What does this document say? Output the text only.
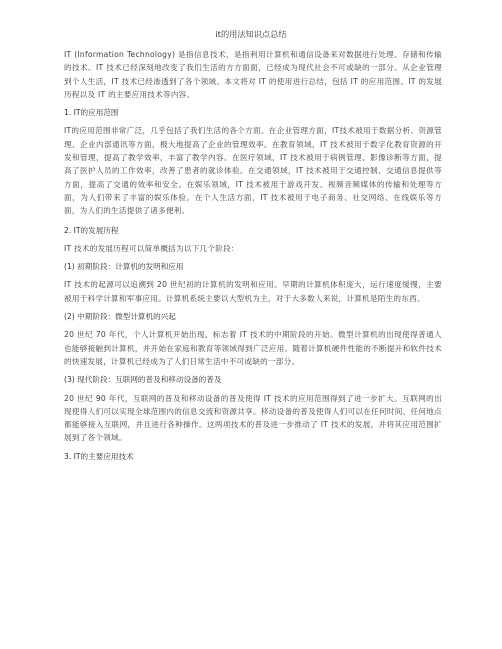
it的用法知识点总结

IT (Information Technology) 是指信息技术，是指利用计算机和通信设备来对数据进行处理、存储和传输的技术。IT 技术已经深刻地改变了我们生活的方方面面，已经成为现代社会不可或缺的一部分。从企业管理到个人生活，IT 技术已经渗透到了各个领域。本文将对 IT 的使用进行总结，包括 IT 的应用范围、IT 的发展历程以及 IT 的主要应用技术等内容。

1. IT的应用范围

IT的应用范围非常广泛，几乎包括了我们生活的各个方面。在企业管理方面，IT技术被用于数据分析、资源管理、企业内部通讯等方面，极大地提高了企业的管理效率。在教育领域，IT 技术被用于数字化教育资源的开发和管理，提高了教学效率，丰富了教学内容。在医疗领域，IT 技术被用于病例管理、影像诊断等方面，提高了医护人员的工作效率，改善了患者的就诊体验。在交通领域，IT 技术被用于交通控制、交通信息提供等方面，提高了交通的效率和安全。在娱乐领域，IT 技术被用于游戏开发、视频音频媒体的传输和处理等方面，为人们带来了丰富的娱乐体验。在个人生活方面，IT 技术被用于电子商务、社交网络、在线娱乐等方面，为人们的生活提供了诸多便利。

2. IT的发展历程

IT 技术的发展历程可以简单概括为以下几个阶段：

(1) 初期阶段：计算机的发明和应用

IT 技术的起源可以追溯到 20 世纪初的计算机的发明和应用。早期的计算机体积庞大，运行速度缓慢，主要被用于科学计算和军事应用。计算机系统主要以大型机为主，对于大多数人来说，计算机是陌生的东西。

(2) 中期阶段：微型计算机的兴起

20 世纪 70 年代，个人计算机开始出现，标志着 IT 技术的中期阶段的开始。微型计算机的出现使得普通人也能够接触到计算机，并开始在家庭和教育等领域得到广泛应用。随着计算机硬件性能的不断提升和软件技术的快速发展，计算机已经成为了人们日常生活中不可或缺的一部分。

(3) 现代阶段：互联网的普及和移动设备的普及

20 世纪 90 年代，互联网的普及和移动设备的普及使得 IT 技术的应用范围得到了进一步扩大。互联网的出现使得人们可以实现全球范围内的信息交流和资源共享。移动设备的普及使得人们可以在任何时间、任何地点都能够接入互联网，并且进行各种操作。这两项技术的普及进一步推动了 IT 技术的发展，并将其应用范围扩展到了各个领域。

3. IT的主要应用技术
